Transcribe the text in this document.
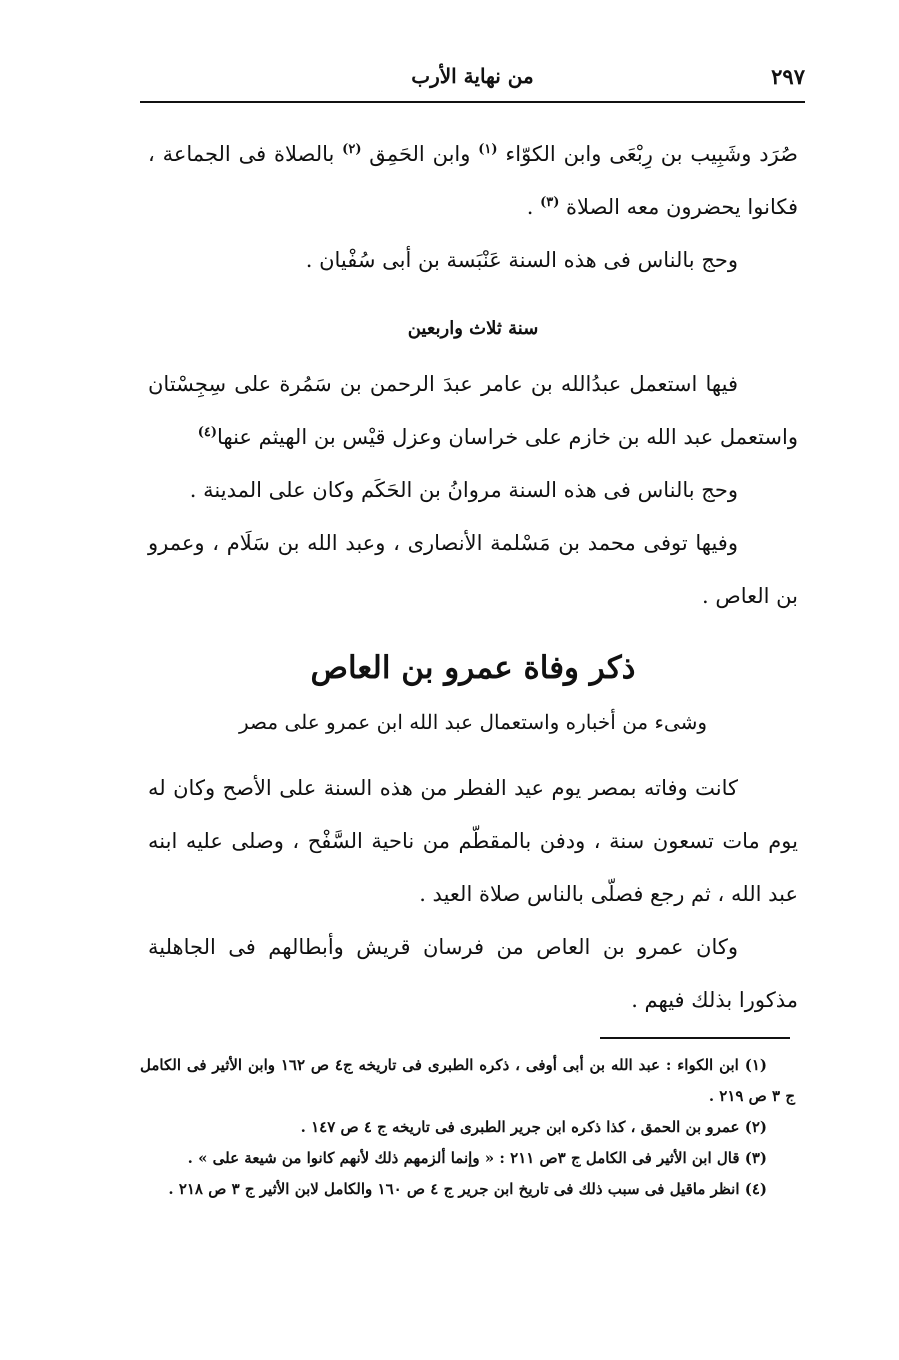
من نهاية الأرب	٢٩٧

صُرَد وشَبِيب بن رِبْعَى وابن الكوّاء $^{(١)}$ وابن الحَمِق $^{(٢)}$ بالصلاة فى الجماعة ، فكانوا يحضرون معه الصلاة $^{(٣)}$ .

وحج بالناس فى هذه السنة عَنْبَسة بن أبى سُفْيان .

سنة ثلاث واربعين

فيها استعمل عبدُالله بن عامر عبدَ الرحمن بن سَمُرة على سِجِسْتان واستعمل عبد الله بن خازم على خراسان وعزل قيْس بن الهيثم عنها$^{(٤)}$

وحج بالناس فى هذه السنة مروانُ بن الحَكَم وكان على المدينة .

وفيها توفى محمد بن مَسْلمة الأنصارى ، وعبد الله بن سَلَام ، وعمرو بن العاص .

ذكر وفاة عمرو بن العاص
وشىء من أخباره واستعمال عبد الله ابن عمرو على مصر

كانت وفاته بمصر يوم عيد الفطر من هذه السنة على الأصح وكان له يوم مات تسعون سنة ، ودفن بالمقطّم من ناحية السَّفْح ، وصلى عليه ابنه عبد الله ، ثم رجع فصلّى بالناس صلاة العيد .

وكان عمرو بن العاص من فرسان قريش وأبطالهم فى الجاهلية مذكورا بذلك فيهم .

(١) ابن الكواء : عبد الله بن أبى أوفى ، ذكره الطبرى فى تاريخه ج٤ ص ١٦٢ وابن الأثير فى الكامل ج ٣ ص ٢١٩ .

(٢) عمرو بن الحمق ، كذا ذكره ابن جرير الطبرى فى تاريخه ج ٤ ص ١٤٧ .

(٣) قال ابن الأثير فى الكامل ج ٣ص ٢١١ : « وإنما ألزمهم ذلك لأنهم كانوا من شيعة على » .

(٤) انظر ماقيل فى سبب ذلك فى تاريخ ابن جرير ج ٤ ص ١٦٠ والكامل لابن الأثير ج ٣ ص ٢١٨ .
